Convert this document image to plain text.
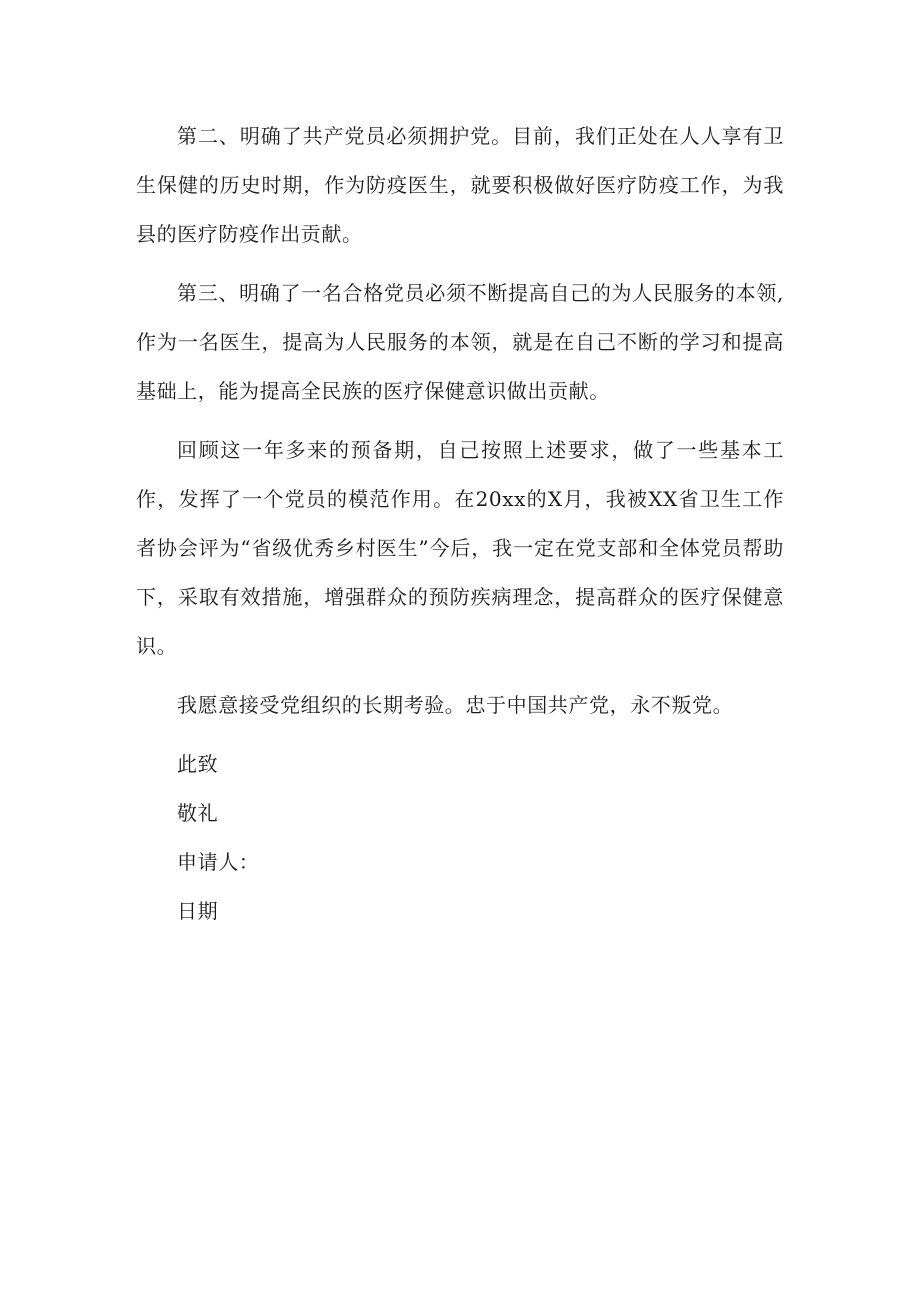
第二、明确了共产党员必须拥护党。目前，我们正处在人人享有卫生保健的历史时期，作为防疫医生，就要积极做好医疗防疫工作，为我县的医疗防疫作出贡献。

第三、明确了一名合格党员必须不断提高自己的为人民服务的本领,作为一名医生，提高为人民服务的本领，就是在自己不断的学习和提高基础上，能为提高全民族的医疗保健意识做出贡献。

回顾这一年多来的预备期，自己按照上述要求，做了一些基本工作，发挥了一个党员的模范作用。在20xx的X月，我被XX省卫生工作者协会评为“省级优秀乡村医生”今后，我一定在党支部和全体党员帮助下，采取有效措施，增强群众的预防疾病理念，提高群众的医疗保健意识。

我愿意接受党组织的长期考验。忠于中国共产党，永不叛党。

此致

敬礼

申请人：

日期
